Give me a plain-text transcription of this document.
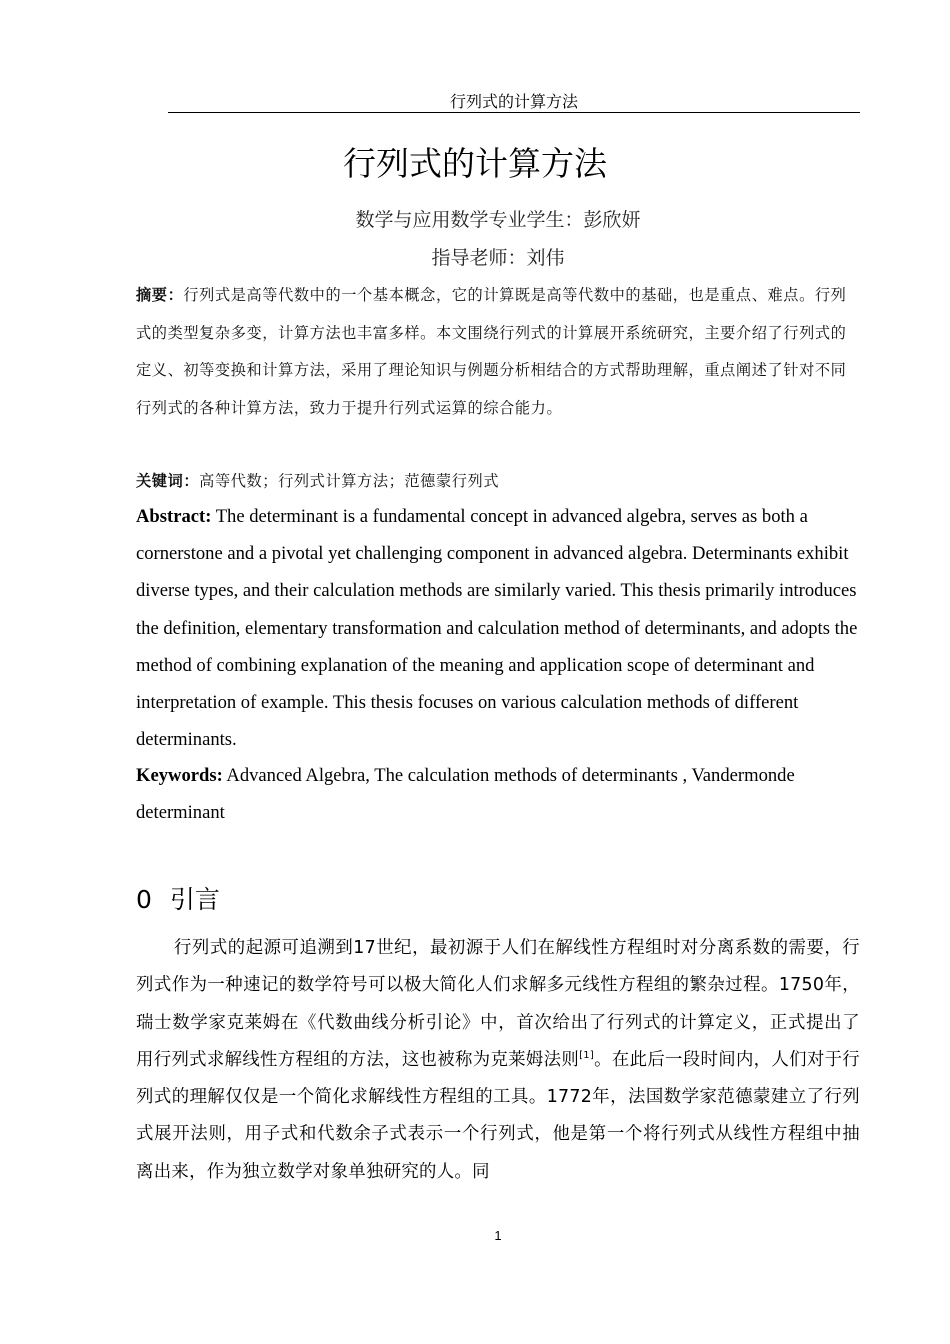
行列式的计算方法
行列式的计算方法
数学与应用数学专业学生：彭欣妍
指导老师：刘伟
摘要：行列式是高等代数中的一个基本概念，它的计算既是高等代数中的基础，也是重点、难点。行列式的类型复杂多变，计算方法也丰富多样。本文围绕行列式的计算展开系统研究，主要介绍了行列式的定义、初等变换和计算方法，采用了理论知识与例题分析相结合的方式帮助理解，重点阐述了针对不同行列式的各种计算方法，致力于提升行列式运算的综合能力。
关键词：高等代数；行列式计算方法；范德蒙行列式
Abstract: The determinant is a fundamental concept in advanced algebra, serves as both a cornerstone and a pivotal yet challenging component in advanced algebra. Determinants exhibit diverse types, and their calculation methods are similarly varied. This thesis primarily introduces the definition, elementary transformation and calculation method of determinants, and adopts the method of combining explanation of the meaning and application scope of determinant and interpretation of example. This thesis focuses on various calculation methods of different determinants.
Keywords: Advanced Algebra, The calculation methods of determinants , Vandermonde determinant
0 引言
行列式的起源可追溯到17世纪，最初源于人们在解线性方程组时对分离系数的需要，行列式作为一种速记的数学符号可以极大简化人们求解多元线性方程组的繁杂过程。1750年，瑞士数学家克莱姆在《代数曲线分析引论》中，首次给出了行列式的计算定义，正式提出了用行列式求解线性方程组的方法，这也被称为克莱姆法则[1]。在此后一段时间内，人们对于行列式的理解仅仅是一个简化求解线性方程组的工具。1772年，法国数学家范德蒙建立了行列式展开法则，用子式和代数余子式表示一个行列式，他是第一个将行列式从线性方程组中抽离出来，作为独立数学对象单独研究的人。同
1
